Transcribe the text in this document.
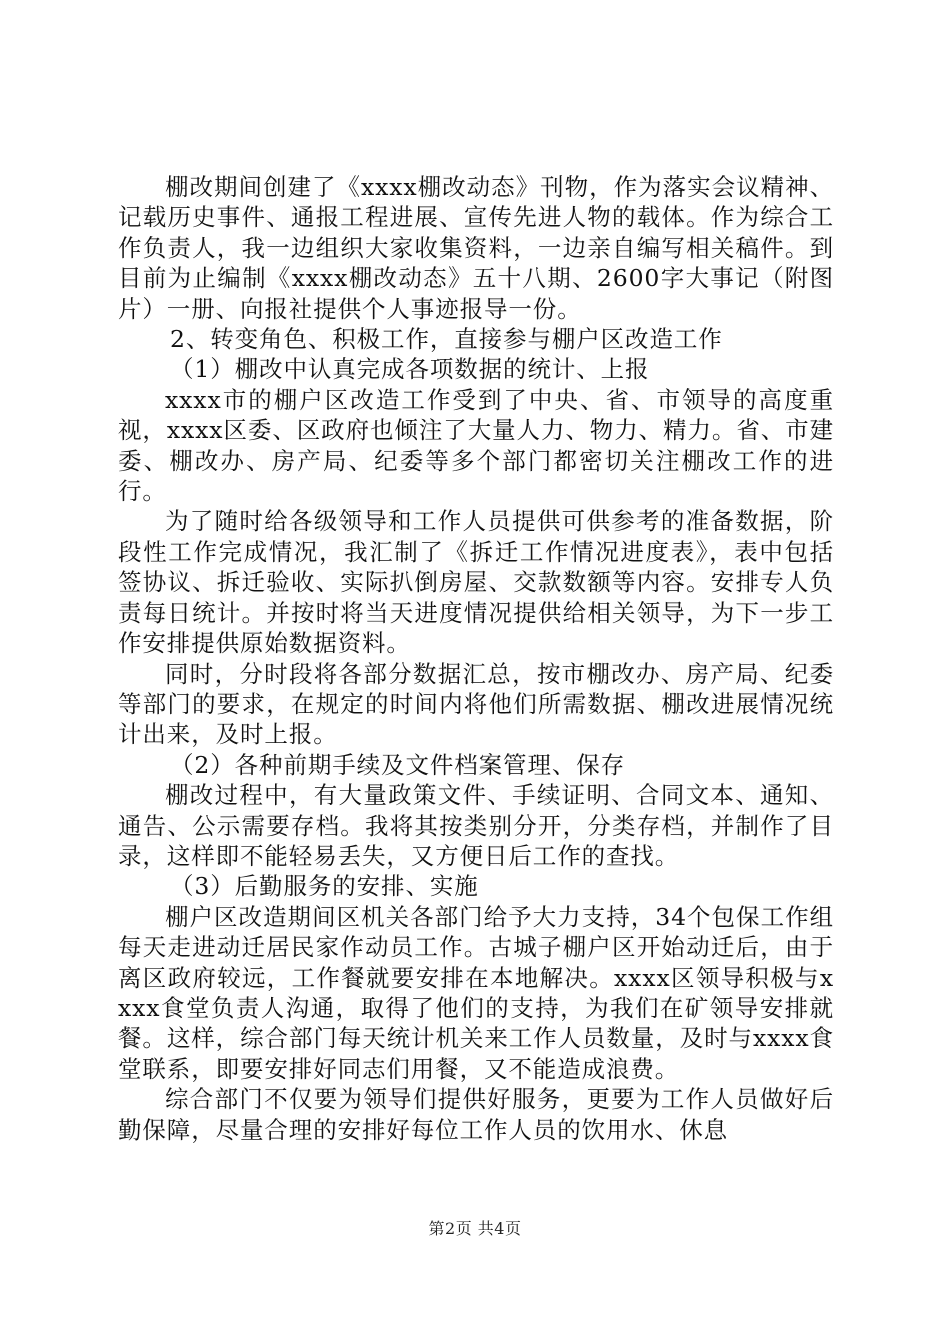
棚改期间创建了《xxxx棚改动态》刊物，作为落实会议精神、记载历史事件、通报工程进展、宣传先进人物的载体。作为综合工作负责人，我一边组织大家收集资料，一边亲自编写相关稿件。到目前为止编制《xxxx棚改动态》五十八期、2600字大事记（附图片）一册、向报社提供个人事迹报导一份。

2、转变角色、积极工作，直接参与棚户区改造工作

（1）棚改中认真完成各项数据的统计、上报

xxxx市的棚户区改造工作受到了中央、省、市领导的高度重视，xxxx区委、区政府也倾注了大量人力、物力、精力。省、市建委、棚改办、房产局、纪委等多个部门都密切关注棚改工作的进行。

为了随时给各级领导和工作人员提供可供参考的准备数据，阶段性工作完成情况，我汇制了《拆迁工作情况进度表》，表中包括签协议、拆迁验收、实际扒倒房屋、交款数额等内容。安排专人负责每日统计。并按时将当天进度情况提供给相关领导，为下一步工作安排提供原始数据资料。

同时，分时段将各部分数据汇总，按市棚改办、房产局、纪委等部门的要求，在规定的时间内将他们所需数据、棚改进展情况统计出来，及时上报。

（2）各种前期手续及文件档案管理、保存

棚改过程中，有大量政策文件、手续证明、合同文本、通知、通告、公示需要存档。我将其按类别分开，分类存档，并制作了目录，这样即不能轻易丢失，又方便日后工作的查找。

（3）后勤服务的安排、实施

棚户区改造期间区机关各部门给予大力支持，34个包保工作组每天走进动迁居民家作动员工作。古城子棚户区开始动迁后，由于离区政府较远，工作餐就要安排在本地解决。xxxx区领导积极与xxxx食堂负责人沟通，取得了他们的支持，为我们在矿领导安排就餐。这样，综合部门每天统计机关来工作人员数量，及时与xxxx食堂联系，即要安排好同志们用餐，又不能造成浪费。

综合部门不仅要为领导们提供好服务，更要为工作人员做好后勤保障，尽量合理的安排好每位工作人员的饮用水、休息

第2页 共4页
